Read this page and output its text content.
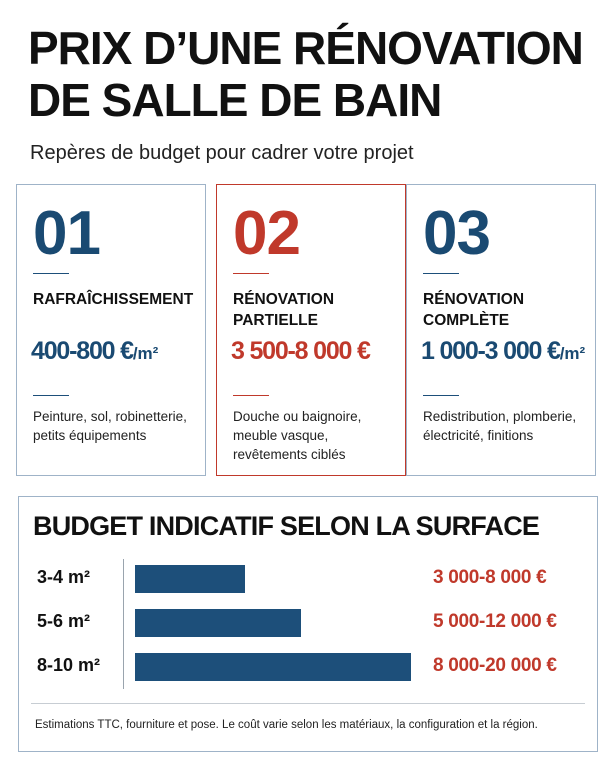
PRIX D’UNE RÉNOVATION
DE SALLE DE BAIN

Repères de budget pour cadrer votre projet

01
RAFRAÎCHISSEMENT
400-800 €/m²
Peinture, sol, robinetterie, petits équipements
02
RÉNOVATION PARTIELLE
3 500-8 000 €
Douche ou baignoire, meuble vasque, revêtements ciblés
03
RÉNOVATION COMPLÈTE
1 000-3 000 €/m²
Redistribution, plomberie, électricité, finitions
BUDGET INDICATIF SELON LA SURFACE
Estimations TTC, fourniture et pose. Le coût varie selon les matériaux, la configuration et la région.
3-4 m²	3 000-8 000 €
5-6 m²	5 000-12 000 €
8-10 m²	8 000-20 000 €
